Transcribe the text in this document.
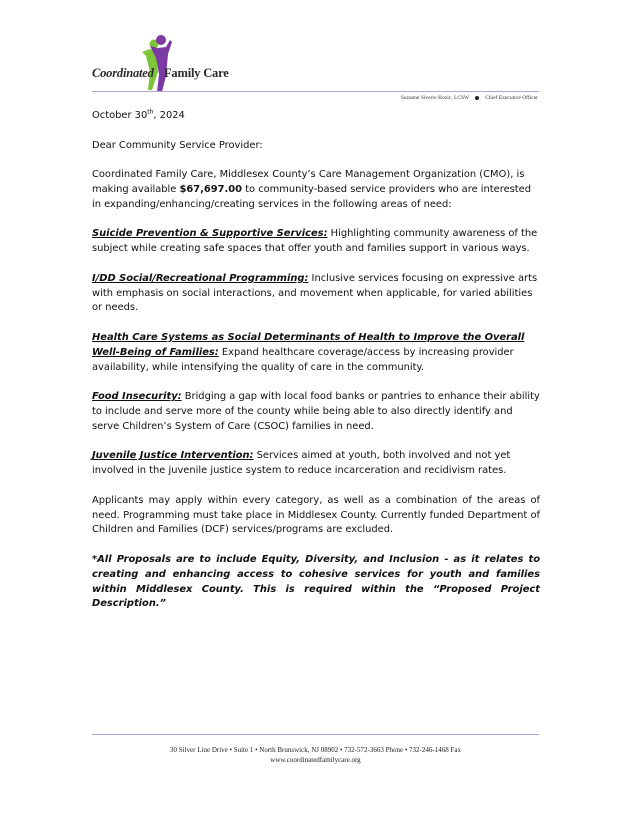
Coordinated Family Care
Suzanne Siverio Kozic, LCSW	Chief Executive Officer

October 30th, 2024

Dear Community Service Provider:

Coordinated Family Care, Middlesex County’s Care Management Organization (CMO), is making available $67,697.00 to community-based service providers who are interested in expanding/enhancing/creating services in the following areas of need:

Suicide Prevention & Supportive Services: Highlighting community awareness of the subject while creating safe spaces that offer youth and families support in various ways.

I/DD Social/Recreational Programming: Inclusive services focusing on expressive arts with emphasis on social interactions, and movement when applicable, for varied abilities or needs.

Health Care Systems as Social Determinants of Health to Improve the Overall Well-Being of Families: Expand healthcare coverage/access by increasing provider availability, while intensifying the quality of care in the community.

Food Insecurity: Bridging a gap with local food banks or pantries to enhance their ability to include and serve more of the county while being able to also directly identify and serve Children’s System of Care (CSOC) families in need.

Juvenile Justice Intervention: Services aimed at youth, both involved and not yet involved in the juvenile justice system to reduce incarceration and recidivism rates.

Applicants may apply within every category, as well as a combination of the areas of need. Programming must take place in Middlesex County. Currently funded Department of Children and Families (DCF) services/programs are excluded.

*All Proposals are to include Equity, Diversity, and Inclusion - as it relates to creating and enhancing access to cohesive services for youth and families within Middlesex County. This is required within the “Proposed Project Description.”

30 Silver Line Drive • Suite 1 • North Brunswick, NJ 08902 • 732-572-3663 Phone • 732-246-1468 Fax
www.coordinatedfamilycare.org
